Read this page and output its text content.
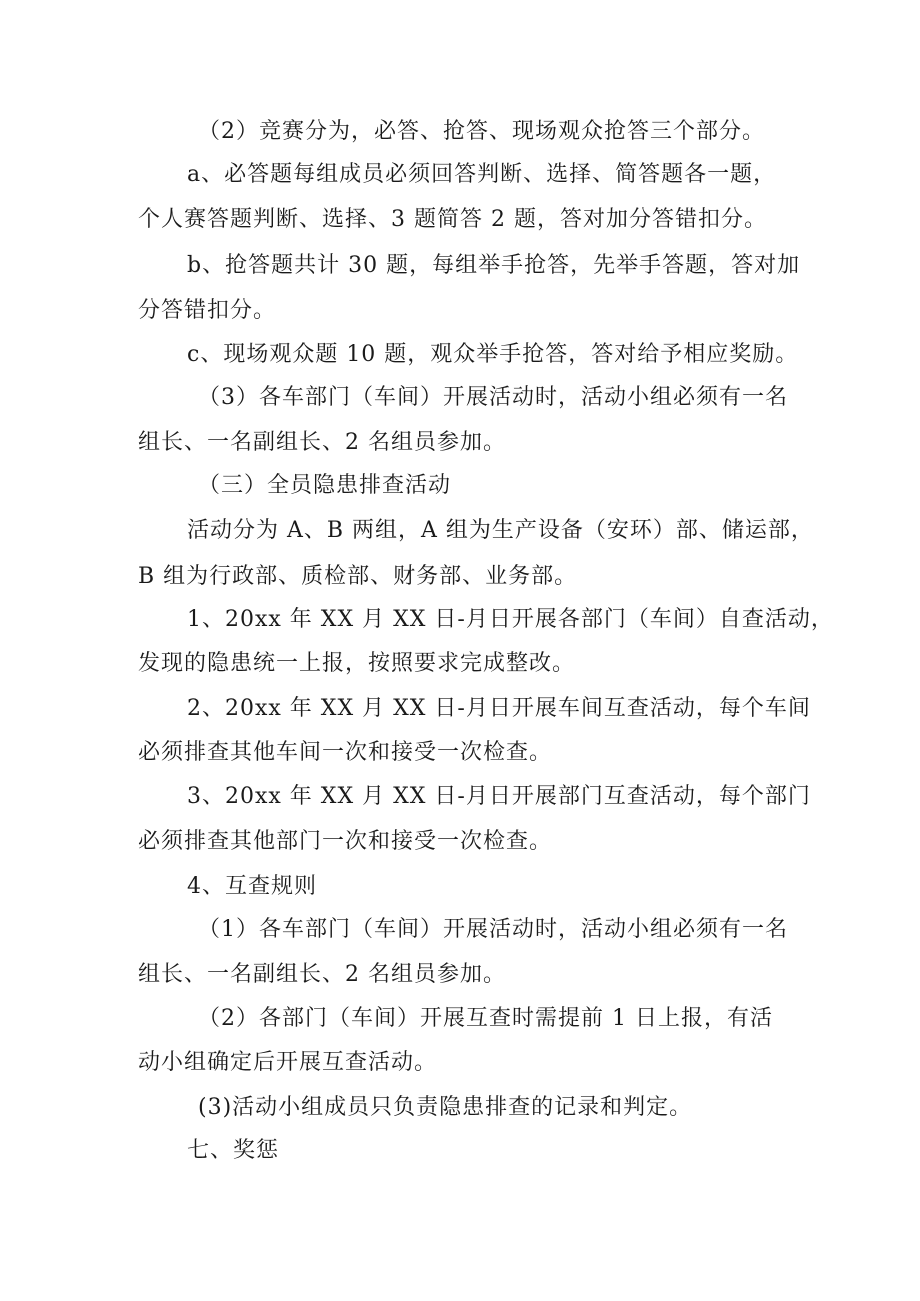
（2）竞赛分为，必答、抢答、现场观众抢答三个部分。
a、必答题每组成员必须回答判断、选择、简答题各一题，
个人赛答题判断、选择、3 题简答 2 题，答对加分答错扣分。
b、抢答题共计 30 题，每组举手抢答，先举手答题，答对加
分答错扣分。
c、现场观众题 10 题，观众举手抢答，答对给予相应奖励。
（3）各车部门（车间）开展活动时，活动小组必须有一名
组长、一名副组长、2 名组员参加。
（三）全员隐患排查活动
活动分为 A、B 两组，A 组为生产设备（安环）部、储运部，
B 组为行政部、质检部、财务部、业务部。
1、20xx 年 XX 月 XX 日-月日开展各部门（车间）自查活动，
发现的隐患统一上报，按照要求完成整改。
2、20xx 年 XX 月 XX 日-月日开展车间互查活动，每个车间
必须排查其他车间一次和接受一次检查。
3、20xx 年 XX 月 XX 日-月日开展部门互查活动，每个部门
必须排查其他部门一次和接受一次检查。
4、互查规则
（1）各车部门（车间）开展活动时，活动小组必须有一名
组长、一名副组长、2 名组员参加。
（2）各部门（车间）开展互查时需提前 1 日上报，有活
动小组确定后开展互查活动。
(3)活动小组成员只负责隐患排查的记录和判定。
七、奖惩
